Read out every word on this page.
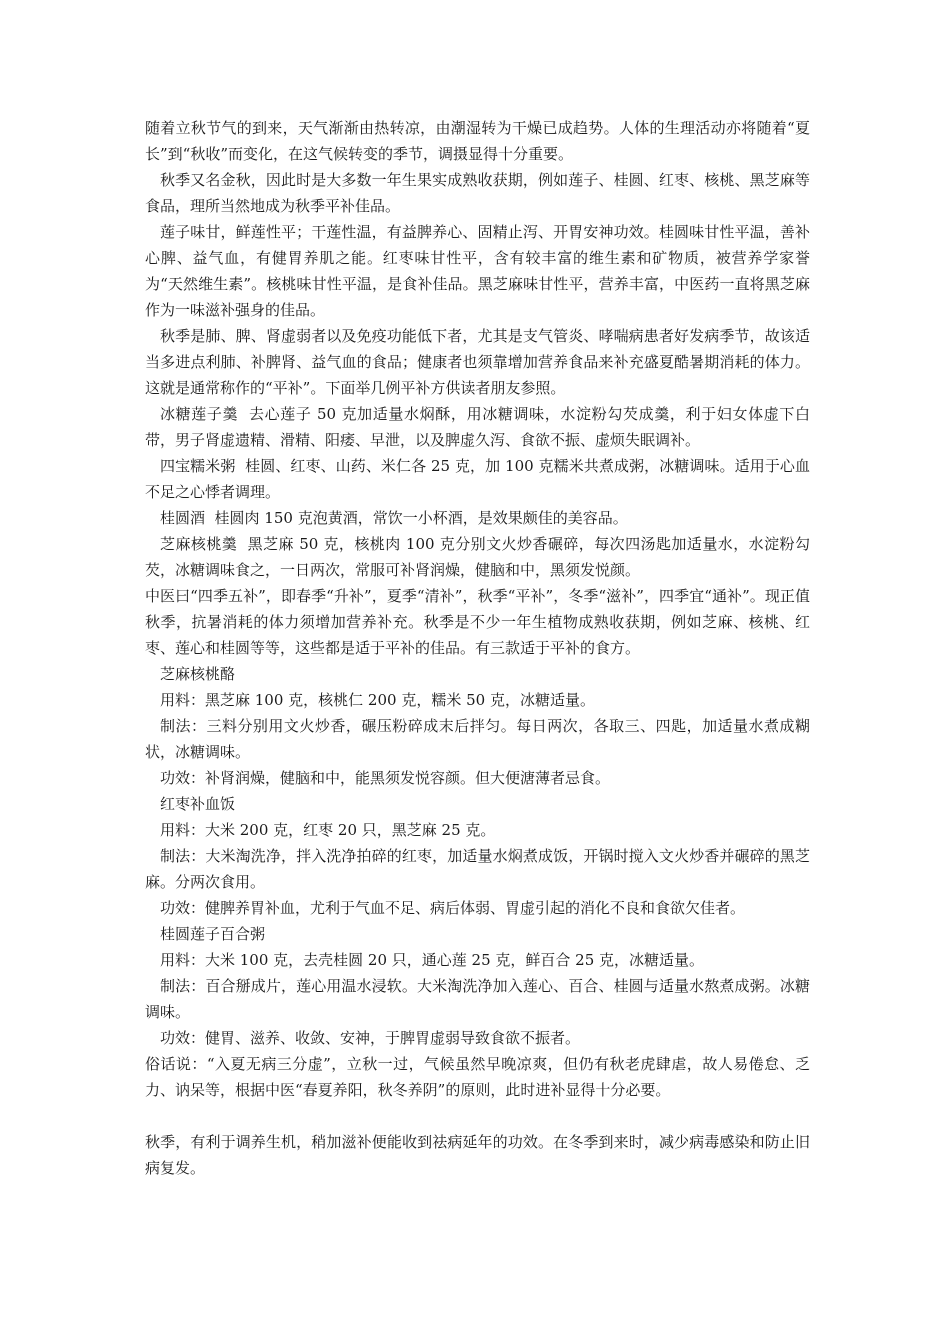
随着立秋节气的到来，天气渐渐由热转凉，由潮湿转为干燥已成趋势。人体的生理活动亦将随着“夏长”到“秋收”而变化，在这气候转变的季节，调摄显得十分重要。

秋季又名金秋，因此时是大多数一年生果实成熟收获期，例如莲子、桂圆、红枣、核桃、黑芝麻等食品，理所当然地成为秋季平补佳品。

莲子味甘，鲜莲性平；干莲性温，有益脾养心、固精止泻、开胃安神功效。桂圆味甘性平温，善补心脾、益气血，有健胃养肌之能。红枣味甘性平，含有较丰富的维生素和矿物质，被营养学家誉为“天然维生素”。核桃味甘性平温，是食补佳品。黑芝麻味甘性平，营养丰富，中医药一直将黑芝麻作为一味滋补强身的佳品。

秋季是肺、脾、肾虚弱者以及免疫功能低下者，尤其是支气管炎、哮喘病患者好发病季节，故该适当多进点利肺、补脾肾、益气血的食品；健康者也须靠增加营养食品来补充盛夏酷暑期消耗的体力。这就是通常称作的“平补”。下面举几例平补方供读者朋友参照。

冰糖莲子羹  去心莲子 50 克加适量水焖酥，用冰糖调味，水淀粉勾芡成羹，利于妇女体虚下白带，男子肾虚遗精、滑精、阳痿、早泄，以及脾虚久泻、食欲不振、虚烦失眠调补。

四宝糯米粥  桂圆、红枣、山药、米仁各 25 克，加 100 克糯米共煮成粥，冰糖调味。适用于心血不足之心悸者调理。

桂圆酒  桂圆肉 150 克泡黄酒，常饮一小杯酒，是效果颇佳的美容品。

芝麻核桃羹  黑芝麻 50 克，核桃肉 100 克分别文火炒香碾碎，每次四汤匙加适量水，水淀粉勾芡，冰糖调味食之，一日两次，常服可补肾润燥，健脑和中，黑须发悦颜。

中医曰“四季五补”，即春季“升补”，夏季“清补”，秋季“平补”，冬季“滋补”，四季宜“通补”。现正值秋季，抗暑消耗的体力须增加营养补充。秋季是不少一年生植物成熟收获期，例如芝麻、核桃、红枣、莲心和桂圆等等，这些都是适于平补的佳品。有三款适于平补的食方。

芝麻核桃酪

用料：黑芝麻 100 克，核桃仁 200 克，糯米 50 克，冰糖适量。

制法：三料分别用文火炒香，碾压粉碎成末后拌匀。每日两次，各取三、四匙，加适量水煮成糊状，冰糖调味。

功效：补肾润燥，健脑和中，能黑须发悦容颜。但大便溏薄者忌食。

红枣补血饭

用料：大米 200 克，红枣 20 只，黑芝麻 25 克。

制法：大米淘洗净，拌入洗净拍碎的红枣，加适量水焖煮成饭，开锅时搅入文火炒香并碾碎的黑芝麻。分两次食用。

功效：健脾养胃补血，尤利于气血不足、病后体弱、胃虚引起的消化不良和食欲欠佳者。

桂圆莲子百合粥

用料：大米 100 克，去壳桂圆 20 只，通心莲 25 克，鲜百合 25 克，冰糖适量。

制法：百合掰成片，莲心用温水浸软。大米淘洗净加入莲心、百合、桂圆与适量水熬煮成粥。冰糖调味。

功效：健胃、滋养、收敛、安神，于脾胃虚弱导致食欲不振者。

俗话说：“入夏无病三分虚”，立秋一过，气候虽然早晚凉爽，但仍有秋老虎肆虐，故人易倦怠、乏力、讷呆等，根据中医“春夏养阳，秋冬养阴”的原则，此时进补显得十分必要。

秋季，有利于调养生机，稍加滋补便能收到祛病延年的功效。在冬季到来时，减少病毒感染和防止旧病复发。
